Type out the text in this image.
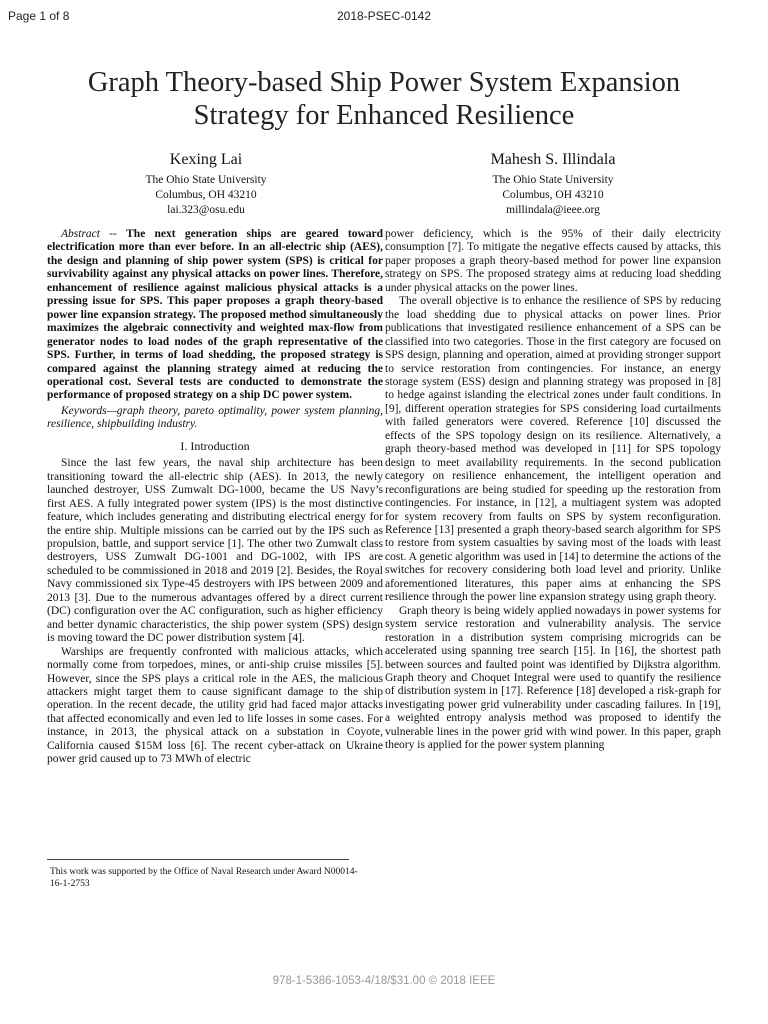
Page 1 of 8	2018-PSEC-0142
Graph Theory-based Ship Power System Expansion Strategy for Enhanced Resilience
Kexing Lai
The Ohio State University
Columbus, OH 43210
lai.323@osu.edu
Mahesh S. Illindala
The Ohio State University
Columbus, OH 43210
millindala@ieee.org

Abstract -- The next generation ships are geared toward electrification more than ever before. In an all-electric ship (AES), the design and planning of ship power system (SPS) is critical for survivability against any physical attacks on power lines. Therefore, enhancement of resilience against malicious physical attacks is a pressing issue for SPS. This paper proposes a graph theory-based power line expansion strategy. The proposed method simultaneously maximizes the algebraic connectivity and weighted max-flow from generator nodes to load nodes of the graph representative of the SPS. Further, in terms of load shedding, the proposed strategy is compared against the planning strategy aimed at reducing the operational cost. Several tests are conducted to demonstrate the performance of proposed strategy on a ship DC power system.

Keywords—graph theory, pareto optimality, power system planning, resilience, shipbuilding industry.

I. Introduction

Since the last few years, the naval ship architecture has been transitioning toward the all-electric ship (AES). In 2013, the newly launched destroyer, USS Zumwalt DG-1000, became the US Navy’s first AES. A fully integrated power system (IPS) is the most distinctive feature, which includes generating and distributing electrical energy for the entire ship. Multiple missions can be carried out by the IPS such as propulsion, battle, and support service [1]. The other two Zumwalt class destroyers, USS Zumwalt DG-1001 and DG-1002, with IPS are scheduled to be commissioned in 2018 and 2019 [2]. Besides, the Royal Navy commissioned six Type-45 destroyers with IPS between 2009 and 2013 [3]. Due to the numerous advantages offered by a direct current (DC) configuration over the AC configuration, such as higher efficiency and better dynamic characteristics, the ship power system (SPS) design is moving toward the DC power distribution system [4].

Warships are frequently confronted with malicious attacks, which normally come from torpedoes, mines, or anti-ship cruise missiles [5]. However, since the SPS plays a critical role in the AES, the malicious attackers might target them to cause significant damage to the ship operation. In the recent decade, the utility grid had faced major attacks that affected economically and even led to life losses in some cases. For instance, in 2013, the physical attack on a substation in Coyote, California caused $15M loss [6]. The recent cyber-attack on Ukraine power grid caused up to 73 MWh of electric

power deficiency, which is the 95% of their daily electricity consumption [7]. To mitigate the negative effects caused by attacks, this paper proposes a graph theory-based method for power line expansion strategy on SPS. The proposed strategy aims at reducing load shedding under physical attacks on the power lines.

The overall objective is to enhance the resilience of SPS by reducing the load shedding due to physical attacks on power lines. Prior publications that investigated resilience enhancement of a SPS can be classified into two categories. Those in the first category are focused on SPS design, planning and operation, aimed at providing stronger support to service restoration from contingencies. For instance, an energy storage system (ESS) design and planning strategy was proposed in [8] to hedge against islanding the electrical zones under fault conditions. In [9], different operation strategies for SPS considering load curtailments with failed generators were covered. Reference [10] discussed the effects of the SPS topology design on its resilience. Alternatively, a graph theory-based method was developed in [11] for SPS topology design to meet availability requirements. In the second publication category on resilience enhancement, the intelligent operation and reconfigurations are being studied for speeding up the restoration from contingencies. For instance, in [12], a multiagent system was adopted for system recovery from faults on SPS by system reconfiguration. Reference [13] presented a graph theory-based search algorithm for SPS to restore from system casualties by saving most of the loads with least cost. A genetic algorithm was used in [14] to determine the actions of the switches for recovery considering both load level and priority. Unlike aforementioned literatures, this paper aims at enhancing the SPS resilience through the power line expansion strategy using graph theory.

Graph theory is being widely applied nowadays in power systems for system service restoration and vulnerability analysis. The service restoration in a distribution system comprising microgrids can be accelerated using spanning tree search [15]. In [16], the shortest path between sources and faulted point was identified by Dijkstra algorithm. Graph theory and Choquet Integral were used to quantify the resilience of distribution system in [17]. Reference [18] developed a risk-graph for investigating power grid vulnerability under cascading failures. In [19], a weighted entropy analysis method was proposed to identify the vulnerable lines in the power grid with wind power. In this paper, graph theory is applied for the power system planning

This work was supported by the Office of Naval Research under Award N00014-16-1-2753
978-1-5386-1053-4/18/$31.00 © 2018 IEEE
